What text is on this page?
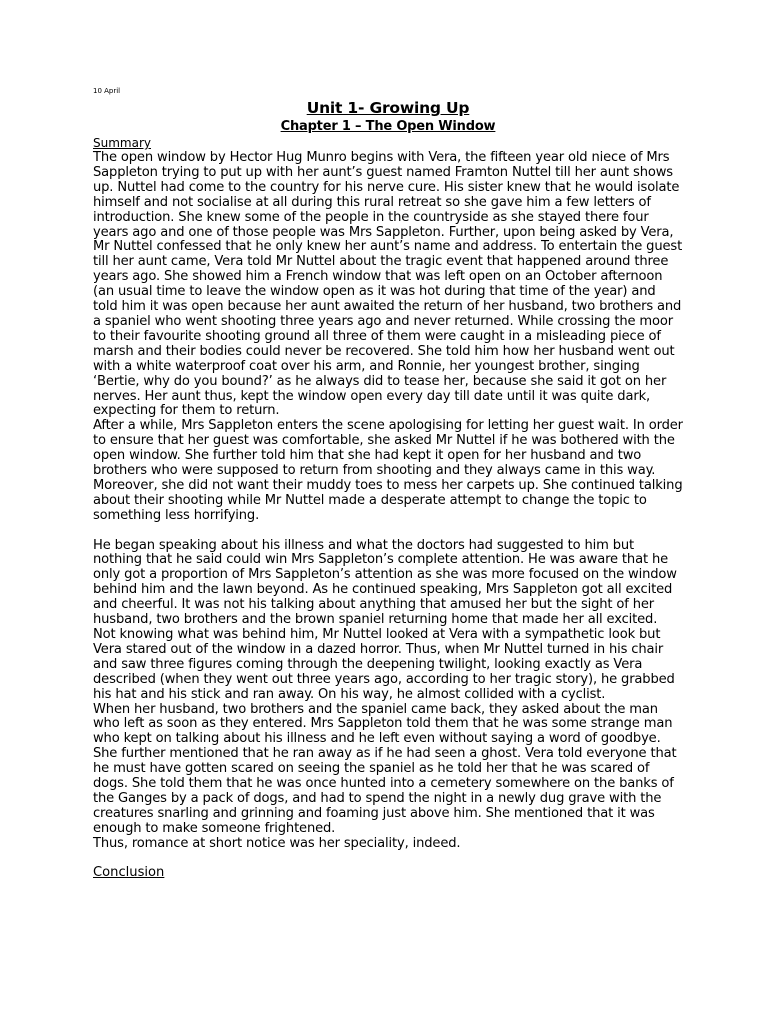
10 April

Unit 1- Growing Up
Chapter 1 – The Open Window

Summary

The open window by Hector Hug Munro begins with Vera, the fifteen year old niece of Mrs Sappleton trying to put up with her aunt’s guest named Framton Nuttel till her aunt shows up. Nuttel had come to the country for his nerve cure. His sister knew that he would isolate himself and not socialise at all during this rural retreat so she gave him a few letters of introduction. She knew some of the people in the countryside as she stayed there four years ago and one of those people was Mrs Sappleton. Further, upon being asked by Vera, Mr Nuttel confessed that he only knew her aunt’s name and address. To entertain the guest till her aunt came, Vera told Mr Nuttel about the tragic event that happened around three years ago. She showed him a French window that was left open on an October afternoon (an usual time to leave the window open as it was hot during that time of the year) and told him it was open because her aunt awaited the return of her husband, two brothers and a spaniel who went shooting three years ago and never returned. While crossing the moor to their favourite shooting ground all three of them were caught in a misleading piece of marsh and their bodies could never be recovered. She told him how her husband went out with a white waterproof coat over his arm, and Ronnie, her youngest brother, singing ‘Bertie, why do you bound?’ as he always did to tease her, because she said it got on her nerves. Her aunt thus, kept the window open every day till date until it was quite dark, expecting for them to return.

After a while, Mrs Sappleton enters the scene apologising for letting her guest wait. In order to ensure that her guest was comfortable, she asked Mr Nuttel if he was bothered with the open window. She further told him that she had kept it open for her husband and two brothers who were supposed to return from shooting and they always came in this way. Moreover, she did not want their muddy toes to mess her carpets up. She continued talking about their shooting while Mr Nuttel made a desperate attempt to change the topic to something less horrifying.

He began speaking about his illness and what the doctors had suggested to him but nothing that he said could win Mrs Sappleton’s complete attention. He was aware that he only got a proportion of Mrs Sappleton’s attention as she was more focused on the window behind him and the lawn beyond. As he continued speaking, Mrs Sappleton got all excited and cheerful. It was not his talking about anything that amused her but the sight of her husband, two brothers and the brown spaniel returning home that made her all excited. Not knowing what was behind him, Mr Nuttel looked at Vera with a sympathetic look but Vera stared out of the window in a dazed horror. Thus, when Mr Nuttel turned in his chair and saw three figures coming through the deepening twilight, looking exactly as Vera described (when they went out three years ago, according to her tragic story), he grabbed his hat and his stick and ran away. On his way, he almost collided with a cyclist.

When her husband, two brothers and the spaniel came back, they asked about the man who left as soon as they entered. Mrs Sappleton told them that he was some strange man who kept on talking about his illness and he left even without saying a word of goodbye. She further mentioned that he ran away as if he had seen a ghost. Vera told everyone that he must have gotten scared on seeing the spaniel as he told her that he was scared of dogs. She told them that he was once hunted into a cemetery somewhere on the banks of the Ganges by a pack of dogs, and had to spend the night in a newly dug grave with the creatures snarling and grinning and foaming just above him. She mentioned that it was enough to make someone frightened.

Thus, romance at short notice was her speciality, indeed.

Conclusion
